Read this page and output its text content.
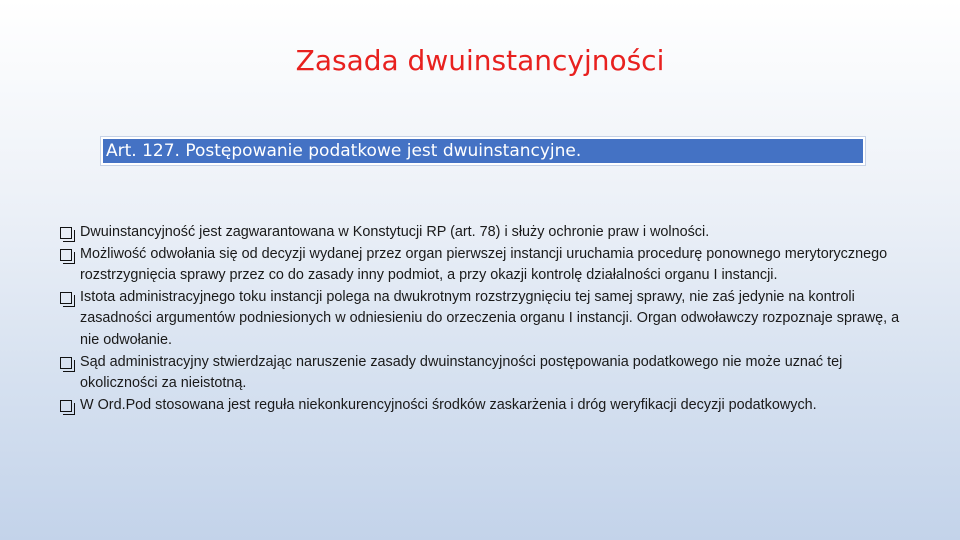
Zasada dwuinstancyjności
Art. 127. Postępowanie podatkowe jest dwuinstancyjne.
Dwuinstancyjność jest zagwarantowana w Konstytucji RP (art. 78) i służy ochronie praw i wolności.
Możliwość odwołania się od decyzji wydanej przez organ pierwszej instancji uruchamia procedurę ponownego merytorycznego rozstrzygnięcia sprawy przez co do zasady inny podmiot, a przy okazji kontrolę działalności organu I instancji.
Istota administracyjnego toku instancji polega na dwukrotnym rozstrzygnięciu tej samej sprawy, nie zaś jedynie na kontroli zasadności argumentów podniesionych w odniesieniu do orzeczenia organu I instancji. Organ odwoławczy rozpoznaje sprawę, a nie odwołanie.
Sąd administracyjny stwierdzając naruszenie zasady dwuinstancyjności postępowania podatkowego nie może uznać tej okoliczności za nieistotną.
W Ord.Pod stosowana jest reguła niekonkurencyjności środków zaskarżenia i dróg weryfikacji decyzji podatkowych.
